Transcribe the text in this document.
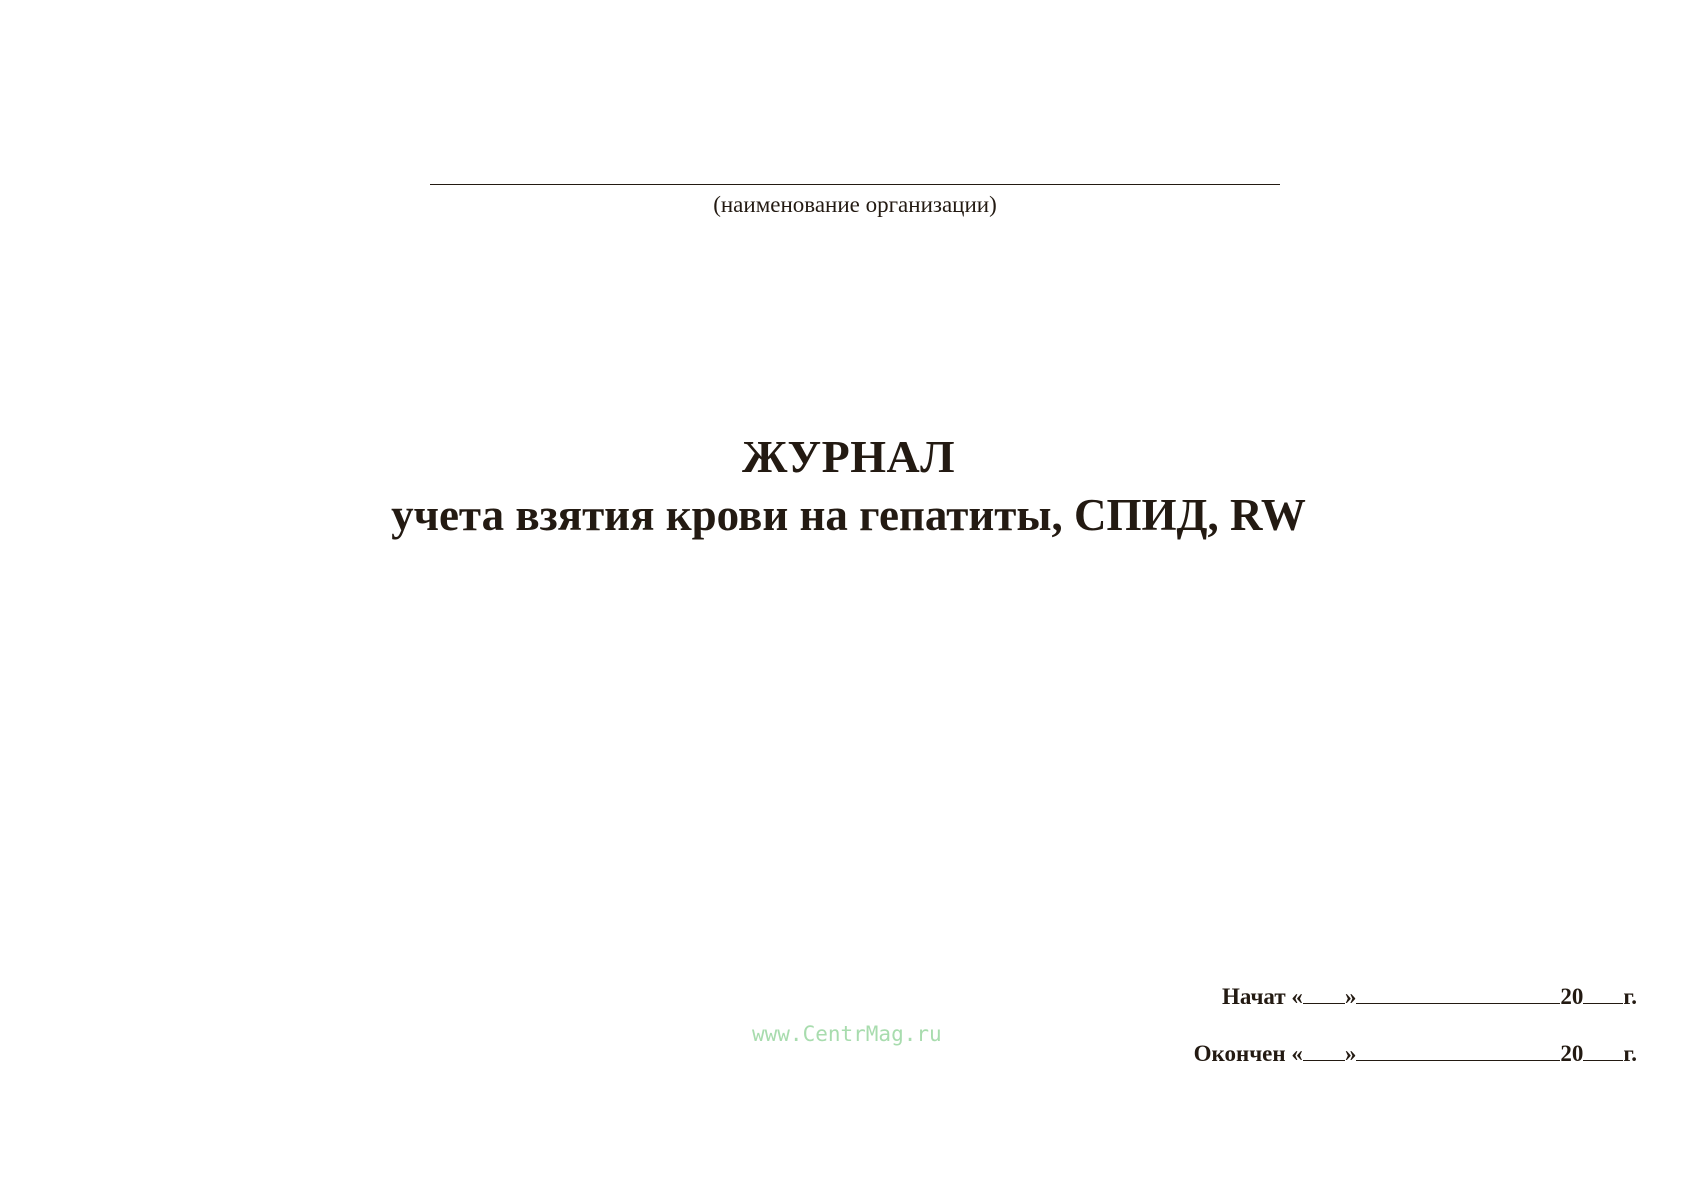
(наименование организации)
ЖУРНАЛ
учета взятия крови на гепатиты, СПИД, RW
www.CentrMag.ru
Начат « »	20 г.
Окончен « »	20 г.
